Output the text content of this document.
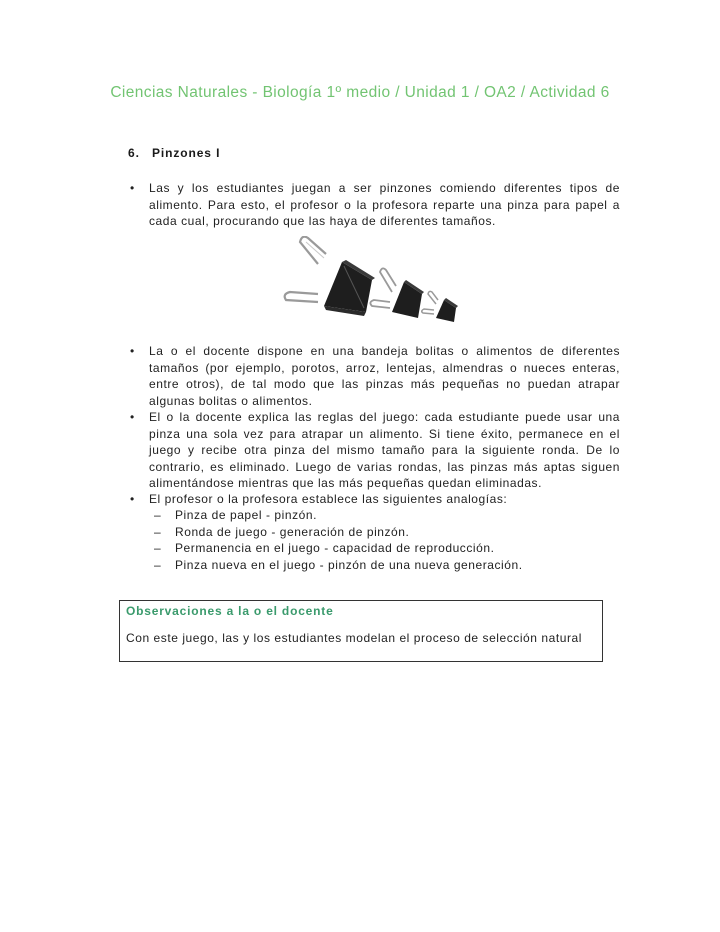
Ciencias Naturales - Biología 1º medio / Unidad 1 / OA2 / Actividad 6
6. Pinzones I
• Las y los estudiantes juegan a ser pinzones comiendo diferentes tipos de alimento. Para esto, el profesor o la profesora reparte una pinza para papel a cada cual, procurando que las haya de diferentes tamaños.
• La o el docente dispone en una bandeja bolitas o alimentos de diferentes tamaños (por ejemplo, porotos, arroz, lentejas, almendras o nueces enteras, entre otros), de tal modo que las pinzas más pequeñas no puedan atrapar algunas bolitas o alimentos.
• El o la docente explica las reglas del juego: cada estudiante puede usar una pinza una sola vez para atrapar un alimento. Si tiene éxito, permanece en el juego y recibe otra pinza del mismo tamaño para la siguiente ronda. De lo contrario, es eliminado. Luego de varias rondas, las pinzas más aptas siguen alimentándose mientras que las más pequeñas quedan eliminadas.
• El profesor o la profesora establece las siguientes analogías:
– Pinza de papel - pinzón.
– Ronda de juego - generación de pinzón.
– Permanencia en el juego - capacidad de reproducción.
– Pinza nueva en el juego - pinzón de una nueva generación.
Observaciones a la o el docente
Con este juego, las y los estudiantes modelan el proceso de selección natural
